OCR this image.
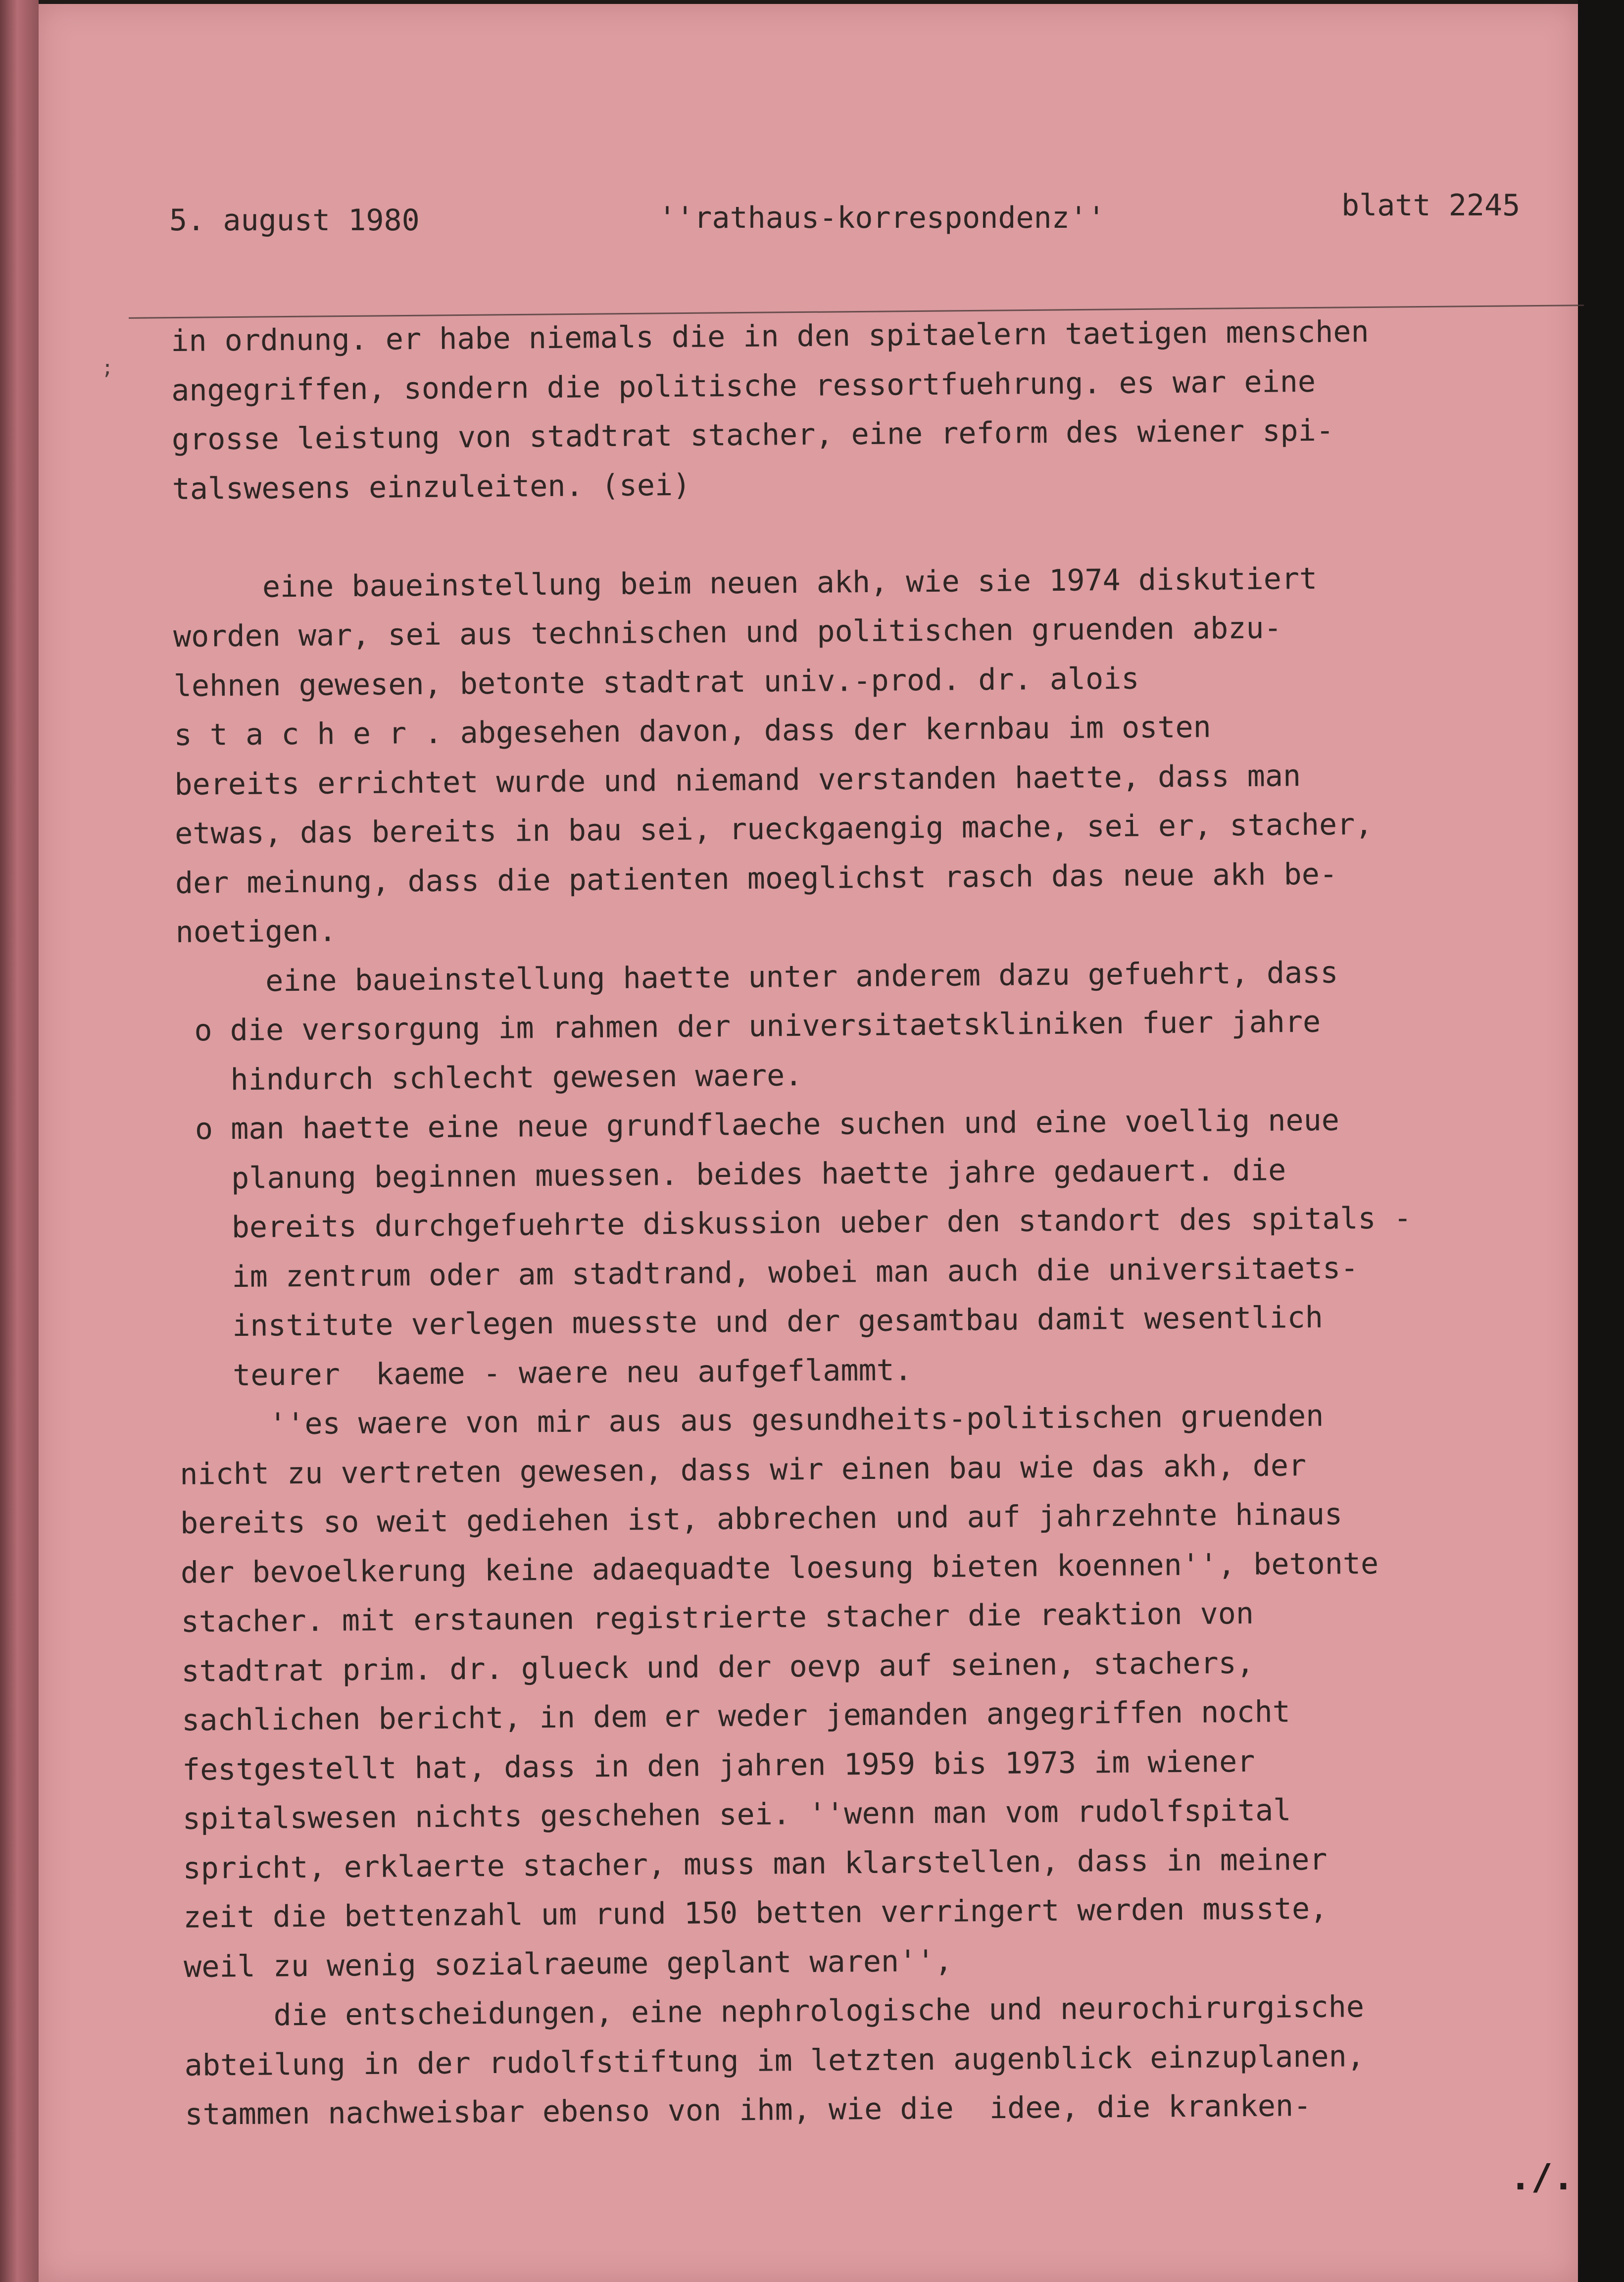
5. august 1980	''rathaus-korrespondenz''	blatt 2245
;
in ordnung. er habe niemals die in den spitaelern taetigen menschen
angegriffen, sondern die politische ressortfuehrung. es war eine
grosse leistung von stadtrat stacher, eine reform des wiener spi-
talswesens einzuleiten. (sei)
eine baueinstellung beim neuen akh, wie sie 1974 diskutiert
worden war, sei aus technischen und politischen gruenden abzu-
lehnen gewesen, betonte stadtrat univ.-prod. dr. alois
s t a c h e r . abgesehen davon, dass der kernbau im osten
bereits errichtet wurde und niemand verstanden haette, dass man
etwas, das bereits in bau sei, rueckgaengig mache, sei er, stacher,
der meinung, dass die patienten moeglichst rasch das neue akh be-
noetigen.
eine baueinstellung haette unter anderem dazu gefuehrt, dass
o die versorgung im rahmen der universitaetskliniken fuer jahre
hindurch schlecht gewesen waere.
o man haette eine neue grundflaeche suchen und eine voellig neue
planung beginnen muessen. beides haette jahre gedauert. die
bereits durchgefuehrte diskussion ueber den standort des spitals -
im zentrum oder am stadtrand, wobei man auch die universitaets-
institute verlegen muesste und der gesamtbau damit wesentlich
teurer  kaeme - waere neu aufgeflammt.
''es waere von mir aus aus gesundheits-politischen gruenden
nicht zu vertreten gewesen, dass wir einen bau wie das akh, der
bereits so weit gediehen ist, abbrechen und auf jahrzehnte hinaus
der bevoelkerung keine adaequadte loesung bieten koennen'', betonte
stacher. mit erstaunen registrierte stacher die reaktion von
stadtrat prim. dr. glueck und der oevp auf seinen, stachers,
sachlichen bericht, in dem er weder jemanden angegriffen nocht
festgestellt hat, dass in den jahren 1959 bis 1973 im wiener
spitalswesen nichts geschehen sei. ''wenn man vom rudolfspital
spricht, erklaerte stacher, muss man klarstellen, dass in meiner
zeit die bettenzahl um rund 150 betten verringert werden musste,
weil zu wenig sozialraeume geplant waren'',
die entscheidungen, eine nephrologische und neurochirurgische
abteilung in der rudolfstiftung im letzten augenblick einzuplanen,
stammen nachweisbar ebenso von ihm, wie die  idee, die kranken-
./.
